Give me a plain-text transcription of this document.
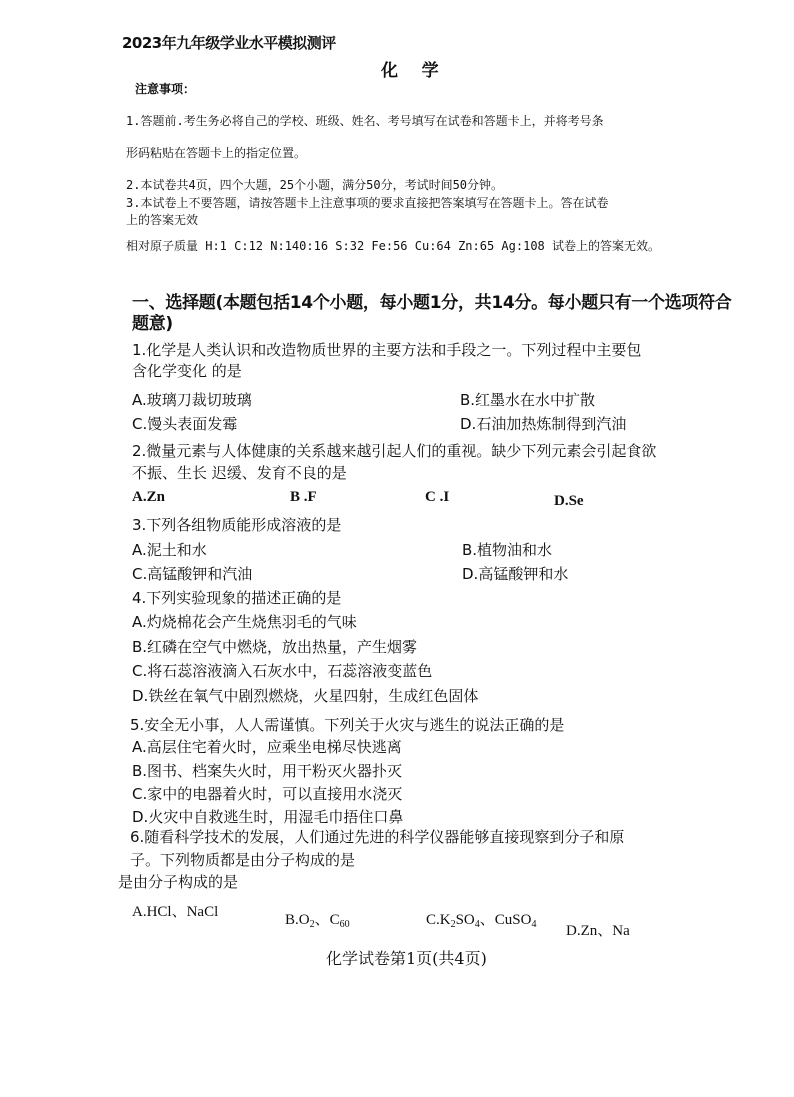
2023年九年级学业水平模拟测评
化    学
注意事项：
1.答题前.考生务必将自己的学校、班级、姓名、考号填写在试卷和答题卡上，并将考号条
形码粘贴在答题卡上的指定位置。
2.本试卷共4页，四个大题，25个小题，满分50分，考试时间50分钟。
3.本试卷上不要答题，请按答题卡上注意事项的要求直接把答案填写在答题卡上。答在试卷
上的答案无效
相对原子质量 H:1 C:12 N:140:16 S:32 Fe:56 Cu:64 Zn:65 Ag:108 试卷上的答案无效。
一、选择题(本题包括14个小题，每小题1分，共14分。每小题只有一个选项符合
题意)
1.化学是人类认识和改造物质世界的主要方法和手段之一。下列过程中主要包
含化学变化 的是
A.玻璃刀裁切玻璃	B.红墨水在水中扩散
C.馒头表面发霉	D.石油加热炼制得到汽油
2.微量元素与人体健康的关系越来越引起人们的重视。缺少下列元素会引起食欲
不振、生长 迟缓、发育不良的是
A.Zn	B .F	C .I	D.Se
3.下列各组物质能形成溶液的是
A.泥土和水	B.植物油和水
C.高锰酸钾和汽油	D.高锰酸钾和水
4.下列实验现象的描述正确的是
A.灼烧棉花会产生烧焦羽毛的气味
B.红磷在空气中燃烧，放出热量，产生烟雾
C.将石蕊溶液滴入石灰水中，石蕊溶液变蓝色
D.铁丝在氧气中剧烈燃烧，火星四射，生成红色固体
5.安全无小事，人人需谨慎。下列关于火灾与逃生的说法正确的是
A.高层住宅着火时，应乘坐电梯尽快逃离
B.图书、档案失火时，用干粉灭火器扑灭
C.家中的电器着火时，可以直接用水浇灭
D.火灾中自救逃生时，用湿毛巾捂住口鼻
6.随看科学技术的发展，人们通过先进的科学仪器能够直接现察到分子和原
子。下列物质都是由分子构成的是
是由分子构成的是
A.HCl、NaCl	$B.O_2$、$C_{60}$	$C.K_2SO_4$、CuSO$_4$ D.Zn、Na
化学试卷第1页(共4页)
